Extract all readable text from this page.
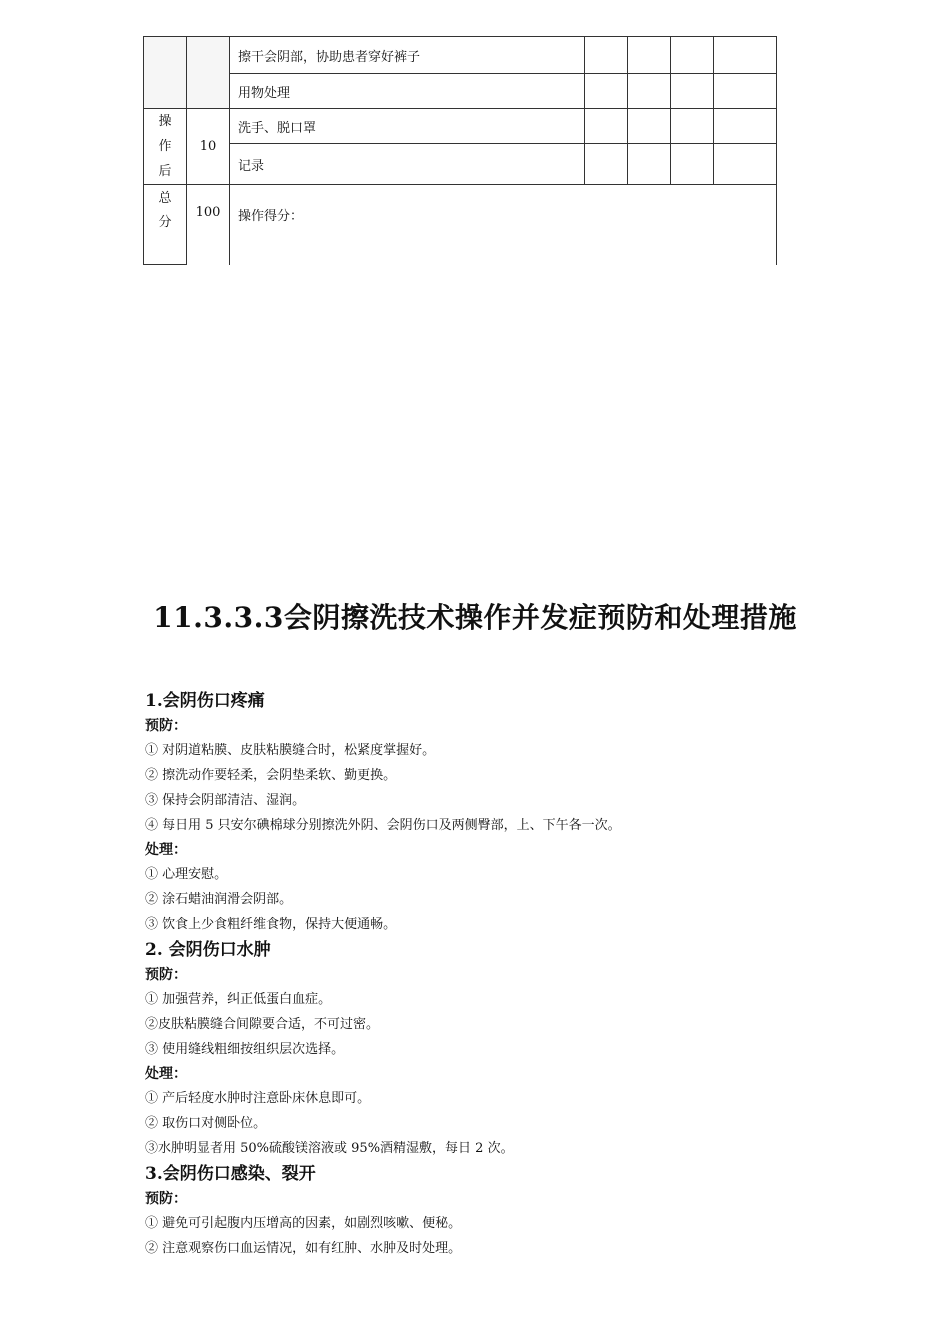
		擦干会阴部，协助患者穿好裤子				
		用物处理				

操
作
后	10	洗手、脱口罩				
		记录				

总
分	100	操作得分：				
11.3.3.3会阴擦洗技术操作并发症预防和处理措施
1.会阴伤口疼痛
预防：
① 对阴道粘膜、皮肤粘膜缝合时，松紧度掌握好。
② 擦洗动作要轻柔，会阴垫柔软、勤更换。
③ 保持会阴部清洁、湿润。
④ 每日用 5 只安尔碘棉球分别擦洗外阴、会阴伤口及两侧臀部，上、下午各一次。
处理：
① 心理安慰。
② 涂石蜡油润滑会阴部。
③ 饮食上少食粗纤维食物，保持大便通畅。
2. 会阴伤口水肿
预防：
① 加强营养，纠正低蛋白血症。
②皮肤粘膜缝合间隙要合适，不可过密。
③ 使用缝线粗细按组织层次选择。
处理：
① 产后轻度水肿时注意卧床休息即可。
② 取伤口对侧卧位。
③水肿明显者用 50%硫酸镁溶液或 95%酒精湿敷，每日 2 次。
3.会阴伤口感染、裂开
预防：
① 避免可引起腹内压增高的因素，如剧烈咳嗽、便秘。
② 注意观察伤口血运情况，如有红肿、水肿及时处理。
